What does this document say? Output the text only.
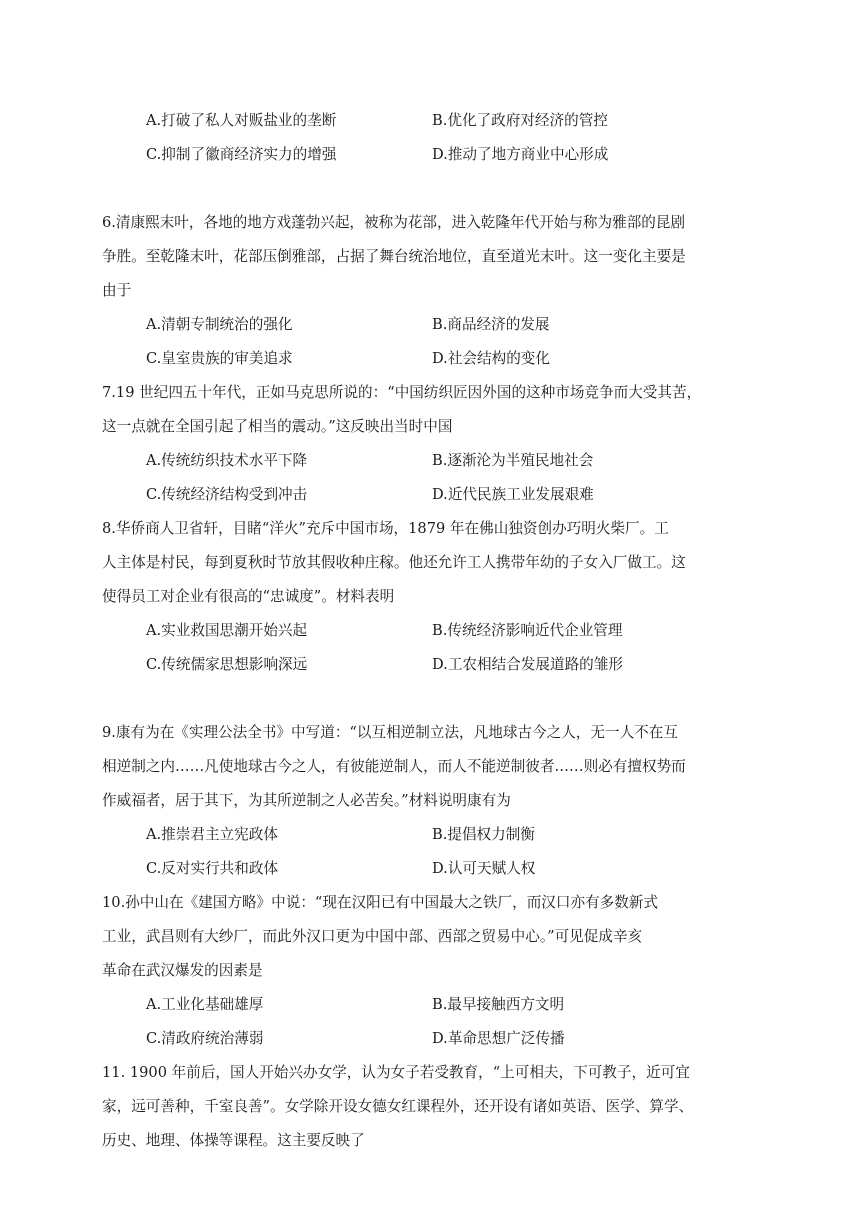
A.打破了私人对贩盐业的垄断	B.优化了政府对经济的管控
C.抑制了徽商经济实力的增强	D.推动了地方商业中心形成
6.清康熙末叶，各地的地方戏蓬勃兴起，被称为花部，进入乾隆年代开始与称为雅部的昆剧
争胜。至乾隆末叶，花部压倒雅部，占据了舞台统治地位，直至道光末叶。这一变化主要是
由于
A.清朝专制统治的强化	B.商品经济的发展
C.皇室贵族的审美追求	D.社会结构的变化
7.19 世纪四五十年代，正如马克思所说的：“中国纺织匠因外国的这种市场竞争而大受其苦，
这一点就在全国引起了相当的震动。”这反映出当时中国
A.传统纺织技术水平下降	B.逐渐沦为半殖民地社会
C.传统经济结构受到冲击	D.近代民族工业发展艰难
8.华侨商人卫省轩，目睹“洋火”充斥中国市场，1879 年在佛山独资创办巧明火柴厂。工
人主体是村民，每到夏秋时节放其假收种庄稼。他还允许工人携带年幼的子女入厂做工。这
使得员工对企业有很高的“忠诚度”。材料表明
A.实业救国思潮开始兴起	B.传统经济影响近代企业管理
C.传统儒家思想影响深远	D.工农相结合发展道路的雏形
9.康有为在《实理公法全书》中写道：“以互相逆制立法，凡地球古今之人，无一人不在互
相逆制之内……凡使地球古今之人，有彼能逆制人，而人不能逆制彼者……则必有擅权势而
作威福者，居于其下，为其所逆制之人必苦矣。”材料说明康有为
A.推崇君主立宪政体	B.提倡权力制衡
C.反对实行共和政体	D.认可天赋人权
10.孙中山在《建国方略》中说：“现在汉阳已有中国最大之铁厂，而汉口亦有多数新式
工业，武昌则有大纱厂，而此外汉口更为中国中部、西部之贸易中心。”可见促成辛亥
革命在武汉爆发的因素是
A.工业化基础雄厚	B.最早接触西方文明
C.清政府统治薄弱	D.革命思想广泛传播
11. 1900 年前后，国人开始兴办女学，认为女子若受教育，“上可相夫，下可教子，近可宜
家，远可善种，千室良善”。女学除开设女德女红课程外，还开设有诸如英语、医学、算学、
历史、地理、体操等课程。这主要反映了
